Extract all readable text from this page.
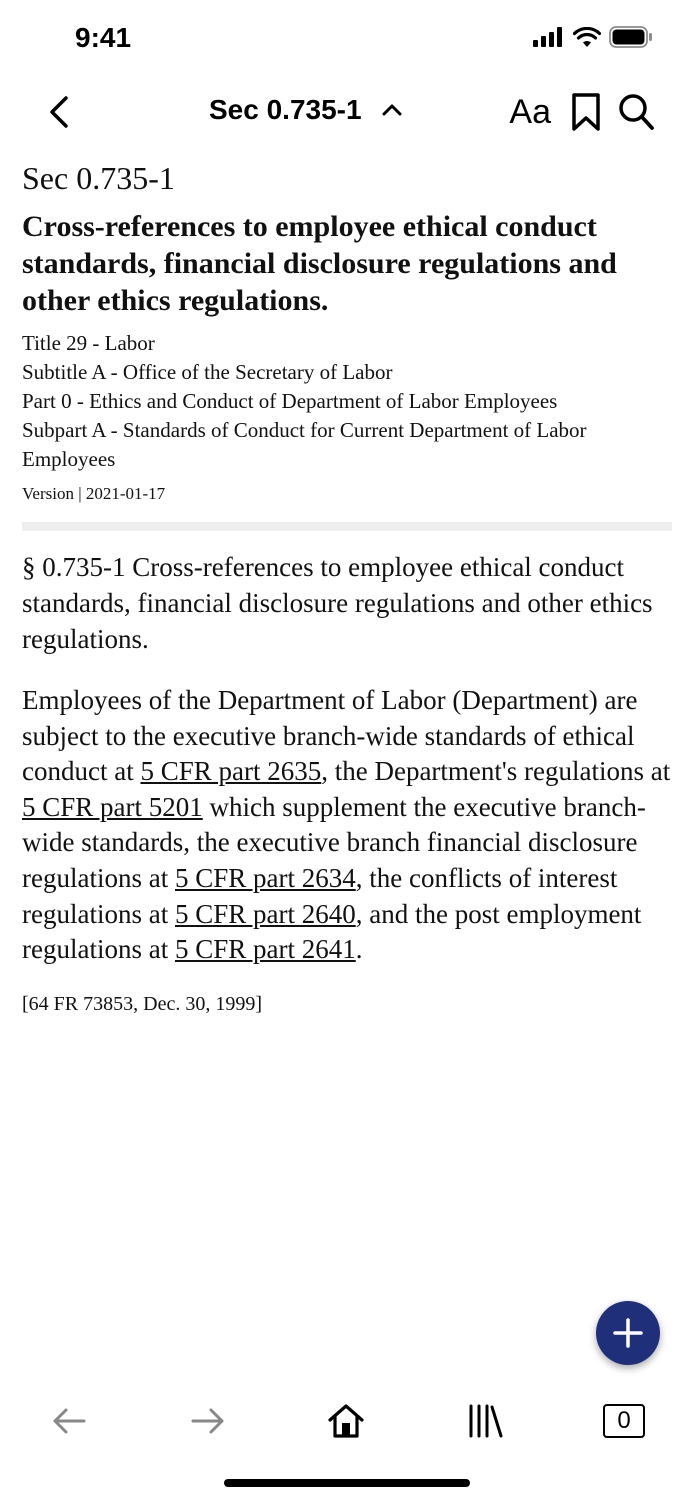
9:41
Sec 0.735-1	Aa
Sec 0.735-1
Cross-references to employee ethical conduct standards, financial disclosure regulations and other ethics regulations.

Title 29 - Labor

Subtitle A - Office of the Secretary of Labor

Part 0 - Ethics and Conduct of Department of Labor Employees

Subpart A - Standards of Conduct for Current Department of Labor Employees

Version | 2021-01-17

§ 0.735-1 Cross-references to employee ethical conduct standards, financial disclosure regulations and other ethics regulations.

Employees of the Department of Labor (Department) are subject to the executive branch-wide standards of ethical conduct at 5 CFR part 2635, the Department's regulations at 5 CFR part 5201 which supplement the executive branch-wide standards, the executive branch financial disclosure regulations at 5 CFR part 2634, the conflicts of interest regulations at 5 CFR part 2640, and the post employment regulations at 5 CFR part 2641.

[64 FR 73853, Dec. 30, 1999]

0
